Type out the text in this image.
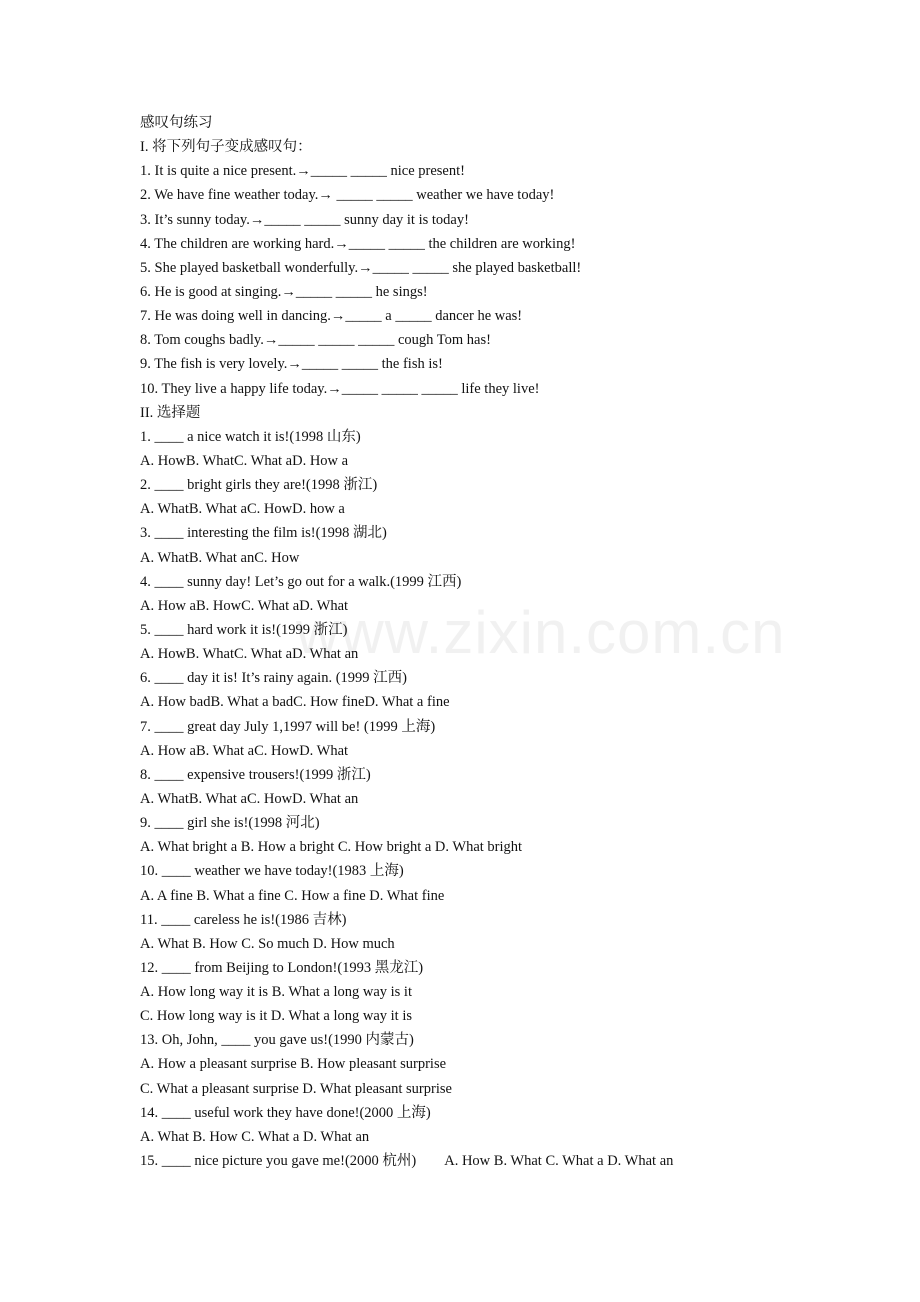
www.zixin.com.cn
感叹句练习
I. 将下列句子变成感叹句：
1. It is quite a nice present.→_____ _____ nice present!
2. We have fine weather today.→ _____ _____ weather we have today!
3. It’s sunny today.→_____ _____ sunny day it is today!
4. The children are working hard.→_____ _____ the children are working!
5. She played basketball wonderfully.→_____ _____ she played basketball!
6. He is good at singing.→_____ _____ he sings!
7. He was doing well in dancing.→_____ a _____ dancer he was!
8. Tom coughs badly.→_____ _____ _____ cough Tom has!
9. The fish is very lovely.→_____ _____ the fish is!
10. They live a happy life today.→_____ _____ _____ life they live!
II. 选择题
1. ____ a nice watch it is!(1998 山东)
A. HowB. WhatC. What aD. How a
2. ____ bright girls they are!(1998 浙江)
A. WhatB. What aC. HowD. how a
3. ____ interesting the film is!(1998 湖北)
A. WhatB. What anC. How
4. ____ sunny day! Let’s go out for a walk.(1999 江西)
A. How aB. HowC. What aD. What
5. ____ hard work it is!(1999 浙江)
A. HowB. WhatC. What aD. What an
6. ____ day it is! It’s rainy again. (1999 江西)
A. How badB. What a badC. How fineD. What a fine
7. ____ great day July 1,1997 will be! (1999 上海)
A. How aB. What aC. HowD. What
8. ____ expensive trousers!(1999 浙江)
A. WhatB. What aC. HowD. What an
9. ____ girl she is!(1998 河北)
A. What bright a B. How a bright C. How bright a D. What bright
10. ____ weather we have today!(1983 上海)
A. A fine B. What a fine C. How a fine D. What fine
11. ____ careless he is!(1986 吉林)
A. What B. How C. So much D. How much
12. ____ from Beijing to London!(1993 黑龙江)
A. How long way it is B. What a long way is it
C. How long way is it D. What a long way it is
13. Oh, John, ____ you gave us!(1990 内蒙古)
A. How a pleasant surprise B. How pleasant surprise
C. What a pleasant surprise D. What pleasant surprise
14. ____ useful work they have done!(2000 上海)
A. What B. How C. What a D. What an
15. ____ nice picture you gave me!(2000 杭州) A. How B. What C. What a D. What an
